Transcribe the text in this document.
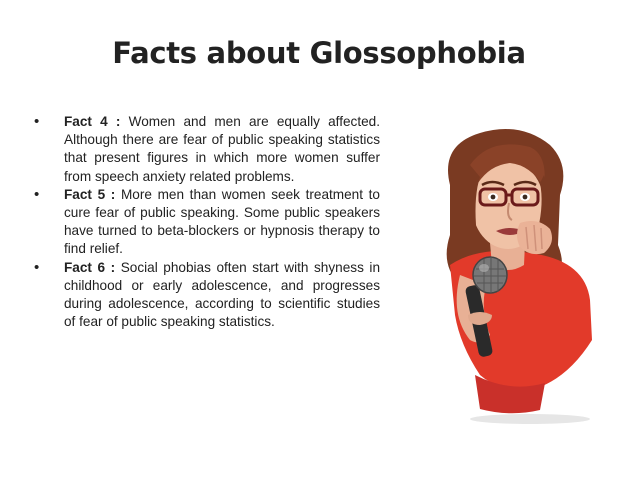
Facts about Glossophobia
• Fact 4 : Women and men are equally affected. Although there are fear of public speaking statistics that present figures in which more women suffer from speech anxiety related problems.
• Fact 5 : More men than women seek treatment to cure fear of public speaking. Some public speakers have turned to beta-blockers or hypnosis therapy to find relief.
• Fact 6 : Social phobias often start with shyness in childhood or early adolescence, and progresses during adolescence, according to scientific studies of fear of public speaking statistics.
